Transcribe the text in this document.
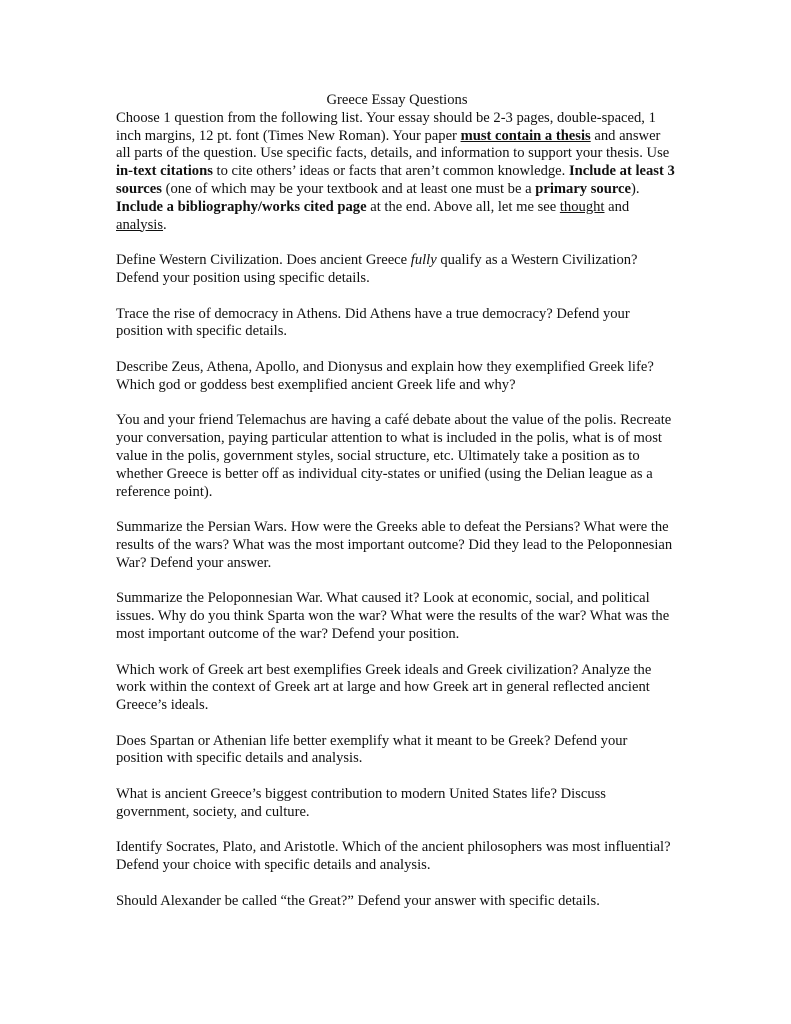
Greece Essay Questions

Choose 1 question from the following list. Your essay should be 2-3 pages, double-spaced, 1 inch margins, 12 pt. font (Times New Roman). Your paper must contain a thesis and answer all parts of the question. Use specific facts, details, and information to support your thesis. Use in-text citations to cite others’ ideas or facts that aren’t common knowledge. Include at least 3 sources (one of which may be your textbook and at least one must be a primary source). Include a bibliography/works cited page at the end. Above all, let me see thought and analysis.

Define Western Civilization. Does ancient Greece fully qualify as a Western Civilization? Defend your position using specific details.

Trace the rise of democracy in Athens. Did Athens have a true democracy? Defend your position with specific details.

Describe Zeus, Athena, Apollo, and Dionysus and explain how they exemplified Greek life? Which god or goddess best exemplified ancient Greek life and why?

You and your friend Telemachus are having a café debate about the value of the polis. Recreate your conversation, paying particular attention to what is included in the polis, what is of most value in the polis, government styles, social structure, etc. Ultimately take a position as to whether Greece is better off as individual city-states or unified (using the Delian league as a reference point).

Summarize the Persian Wars. How were the Greeks able to defeat the Persians? What were the results of the wars? What was the most important outcome? Did they lead to the Peloponnesian War? Defend your answer.

Summarize the Peloponnesian War. What caused it? Look at economic, social, and political issues. Why do you think Sparta won the war? What were the results of the war? What was the most important outcome of the war? Defend your position.

Which work of Greek art best exemplifies Greek ideals and Greek civilization? Analyze the work within the context of Greek art at large and how Greek art in general reflected ancient Greece’s ideals.

Does Spartan or Athenian life better exemplify what it meant to be Greek? Defend your position with specific details and analysis.

What is ancient Greece’s biggest contribution to modern United States life? Discuss government, society, and culture.

Identify Socrates, Plato, and Aristotle. Which of the ancient philosophers was most influential? Defend your choice with specific details and analysis.

Should Alexander be called “the Great?” Defend your answer with specific details.
